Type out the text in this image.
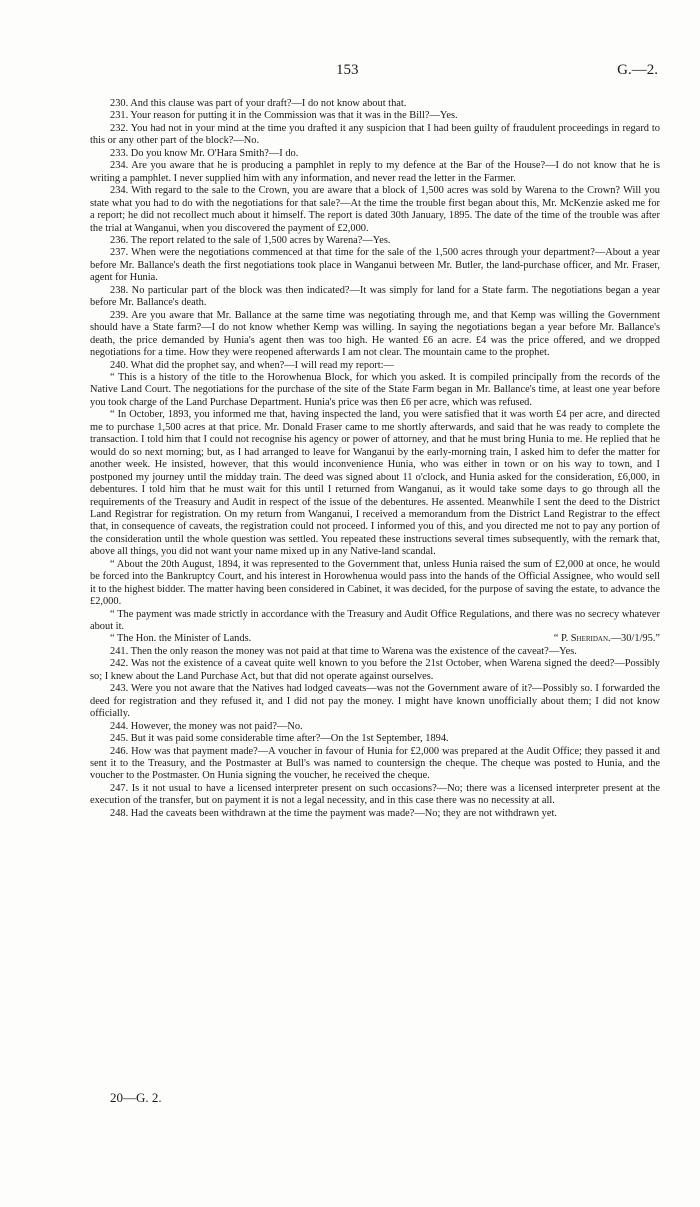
153	G.—2.

230. And this clause was part of your draft?—I do not know about that.

231. Your reason for putting it in the Commission was that it was in the Bill?—Yes.

232. You had not in your mind at the time you drafted it any suspicion that I had been guilty of fraudulent proceedings in regard to this or any other part of the block?—No.

233. Do you know Mr. O'Hara Smith?—I do.

234. Are you aware that he is producing a pamphlet in reply to my defence at the Bar of the House?—I do not know that he is writing a pamphlet. I never supplied him with any information, and never read the letter in the Farmer.

234. With regard to the sale to the Crown, you are aware that a block of 1,500 acres was sold by Warena to the Crown? Will you state what you had to do with the negotiations for that sale?—At the time the trouble first began about this, Mr. McKenzie asked me for a report; he did not recollect much about it himself. The report is dated 30th January, 1895. The date of the time of the trouble was after the trial at Wanganui, when you discovered the payment of £2,000.

236. The report related to the sale of 1,500 acres by Warena?—Yes.

237. When were the negotiations commenced at that time for the sale of the 1,500 acres through your department?—About a year before Mr. Ballance's death the first negotiations took place in Wanganui between Mr. Butler, the land-purchase officer, and Mr. Fraser, agent for Hunia.

238. No particular part of the block was then indicated?—It was simply for land for a State farm. The negotiations began a year before Mr. Ballance's death.

239. Are you aware that Mr. Ballance at the same time was negotiating through me, and that Kemp was willing the Government should have a State farm?—I do not know whether Kemp was willing. In saying the negotiations began a year before Mr. Ballance's death, the price demanded by Hunia's agent then was too high. He wanted £6 an acre. £4 was the price offered, and we dropped negotiations for a time. How they were reopened afterwards I am not clear. The mountain came to the prophet.

240. What did the prophet say, and when?—I will read my report:—

“ This is a history of the title to the Horowhenua Block, for which you asked. It is compiled principally from the records of the Native Land Court. The negotiations for the purchase of the site of the State Farm began in Mr. Ballance's time, at least one year before you took charge of the Land Purchase Department. Hunia's price was then £6 per acre, which was refused.

“ In October, 1893, you informed me that, having inspected the land, you were satisfied that it was worth £4 per acre, and directed me to purchase 1,500 acres at that price. Mr. Donald Fraser came to me shortly afterwards, and said that he was ready to complete the transaction. I told him that I could not recognise his agency or power of attorney, and that he must bring Hunia to me. He replied that he would do so next morning; but, as I had arranged to leave for Wanganui by the early-morning train, I asked him to defer the matter for another week. He insisted, however, that this would inconvenience Hunia, who was either in town or on his way to town, and I postponed my journey until the midday train. The deed was signed about 11 o'clock, and Hunia asked for the consideration, £6,000, in debentures. I told him that he must wait for this until I returned from Wanganui, as it would take some days to go through all the requirements of the Treasury and Audit in respect of the issue of the debentures. He assented. Meanwhile I sent the deed to the District Land Registrar for registration. On my return from Wanganui, I received a memorandum from the District Land Registrar to the effect that, in consequence of caveats, the registration could not proceed. I informed you of this, and you directed me not to pay any portion of the consideration until the whole question was settled. You repeated these instructions several times subsequently, with the remark that, above all things, you did not want your name mixed up in any Native-land scandal.

“ About the 20th August, 1894, it was represented to the Government that, unless Hunia raised the sum of £2,000 at once, he would be forced into the Bankruptcy Court, and his interest in Horowhenua would pass into the hands of the Official Assignee, who would sell it to the highest bidder. The matter having been considered in Cabinet, it was decided, for the purpose of saving the estate, to advance the £2,000.

“ The payment was made strictly in accordance with the Treasury and Audit Office Regulations, and there was no secrecy whatever about it.

“ The Hon. the Minister of Lands.	“ P. Sheridan.—30/1/95.”

241. Then the only reason the money was not paid at that time to Warena was the existence of the caveat?—Yes.

242. Was not the existence of a caveat quite well known to you before the 21st October, when Warena signed the deed?—Possibly so; I knew about the Land Purchase Act, but that did not operate against ourselves.

243. Were you not aware that the Natives had lodged caveats—was not the Government aware of it?—Possibly so. I forwarded the deed for registration and they refused it, and I did not pay the money. I might have known unofficially about them; I did not know officially.

244. However, the money was not paid?—No.

245. But it was paid some considerable time after?—On the 1st September, 1894.

246. How was that payment made?—A voucher in favour of Hunia for £2,000 was prepared at the Audit Office; they passed it and sent it to the Treasury, and the Postmaster at Bull's was named to countersign the cheque. The cheque was posted to Hunia, and the voucher to the Postmaster. On Hunia signing the voucher, he received the cheque.

247. Is it not usual to have a licensed interpreter present on such occasions?—No; there was a licensed interpreter present at the execution of the transfer, but on payment it is not a legal necessity, and in this case there was no necessity at all.

248. Had the caveats been withdrawn at the time the payment was made?—No; they are not withdrawn yet.

20—G. 2.
